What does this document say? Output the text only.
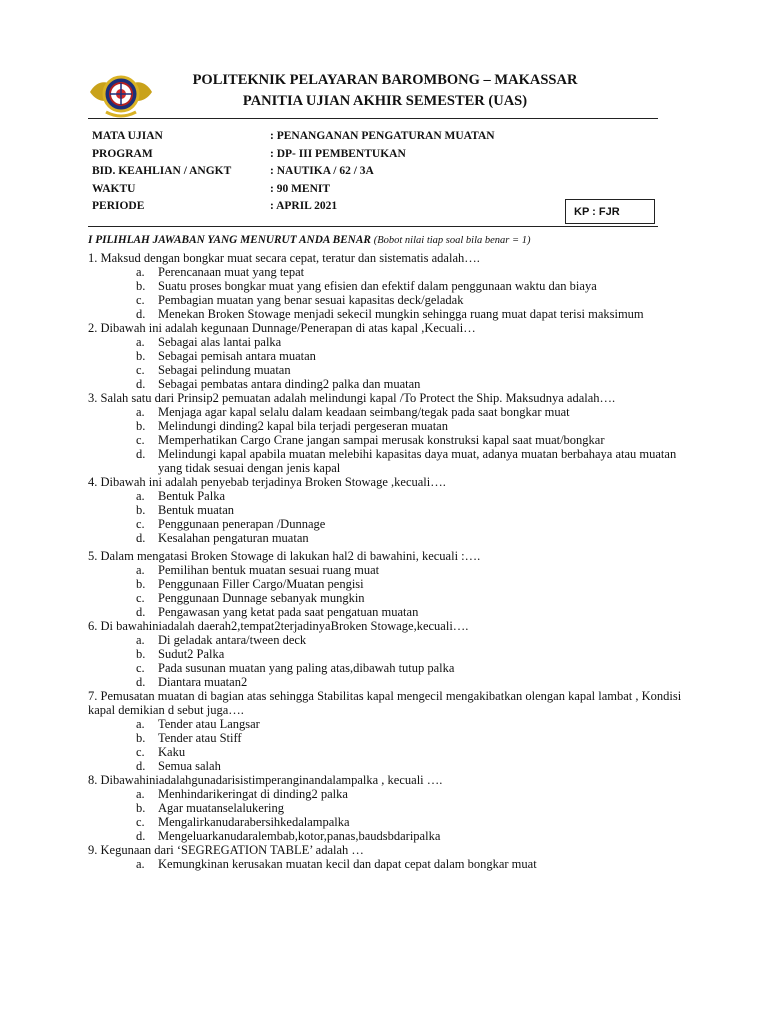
POLITEKNIK PELAYARAN BAROMBONG – MAKASSAR
PANITIA UJIAN AKHIR SEMESTER (UAS)
MATA UJIAN	: PENANGANAN PENGATURAN MUATAN
PROGRAM	: DP- III PEMBENTUKAN
BID. KEAHLIAN / ANGKT	: NAUTIKA / 62 / 3A
WAKTU	: 90 MENIT
PERIODE	: APRIL 2021	KP : FJR
I PILIHLAH JAWABAN YANG MENURUT ANDA BENAR (Bobot nilai tiap soal bila benar = 1)
1. Maksud dengan bongkar muat secara cepat, teratur dan sistematis adalah….
a. Perencanaan muat yang tepat
b. Suatu proses bongkar muat yang efisien dan efektif dalam penggunaan waktu dan biaya
c. Pembagian muatan yang benar sesuai kapasitas deck/geladak
d. Menekan Broken Stowage menjadi sekecil mungkin sehingga ruang muat dapat terisi maksimum
2. Dibawah ini adalah kegunaan Dunnage/Penerapan di atas kapal ,Kecuali…
a. Sebagai alas lantai palka
b. Sebagai pemisah antara muatan
c. Sebagai pelindung muatan
d. Sebagai pembatas antara dinding2 palka dan muatan
3. Salah satu dari Prinsip2 pemuatan adalah melindungi kapal /To Protect the Ship. Maksudnya adalah….
a. Menjaga agar kapal selalu dalam keadaan seimbang/tegak pada saat bongkar muat
b. Melindungi dinding2 kapal bila terjadi pergeseran muatan
c. Memperhatikan Cargo Crane jangan sampai merusak konstruksi kapal saat muat/bongkar
d. Melindungi kapal apabila muatan melebihi kapasitas daya muat, adanya muatan berbahaya atau muatan yang tidak sesuai dengan jenis kapal
4. Dibawah ini adalah penyebab terjadinya Broken Stowage ,kecuali….
a. Bentuk Palka
b. Bentuk muatan
c. Penggunaan penerapan /Dunnage
d. Kesalahan pengaturan muatan
5. Dalam mengatasi Broken Stowage di lakukan hal2 di bawahini, kecuali :….
a. Pemilihan bentuk muatan sesuai ruang muat
b. Penggunaan Filler Cargo/Muatan pengisi
c. Penggunaan Dunnage sebanyak mungkin
d. Pengawasan yang ketat pada saat pengatuan muatan
6. Di bawahiniadalah daerah2,tempat2terjadinyaBroken Stowage,kecuali….
a. Di geladak antara/tween deck
b. Sudut2 Palka
c. Pada susunan muatan yang paling atas,dibawah tutup palka
d. Diantara muatan2
7. Pemusatan muatan di bagian atas sehingga Stabilitas kapal mengecil mengakibatkan olengan kapal lambat , Kondisi kapal demikian d sebut juga….
a. Tender atau Langsar
b. Tender atau Stiff
c. Kaku
d. Semua salah
8. Dibawahiniadalahgunadarisistimperanginandalampalka , kecuali ….
a. Menhindarikeringat di dinding2 palka
b. Agar muatanselalukering
c. Mengalirkanudarabersihkedalampalka
d. Mengeluarkanudaralembab,kotor,panas,baudsbdaripalka
9. Kegunaan dari ‘SEGREGATION TABLE’ adalah …
a. Kemungkinan kerusakan muatan kecil dan dapat cepat dalam bongkar muat
